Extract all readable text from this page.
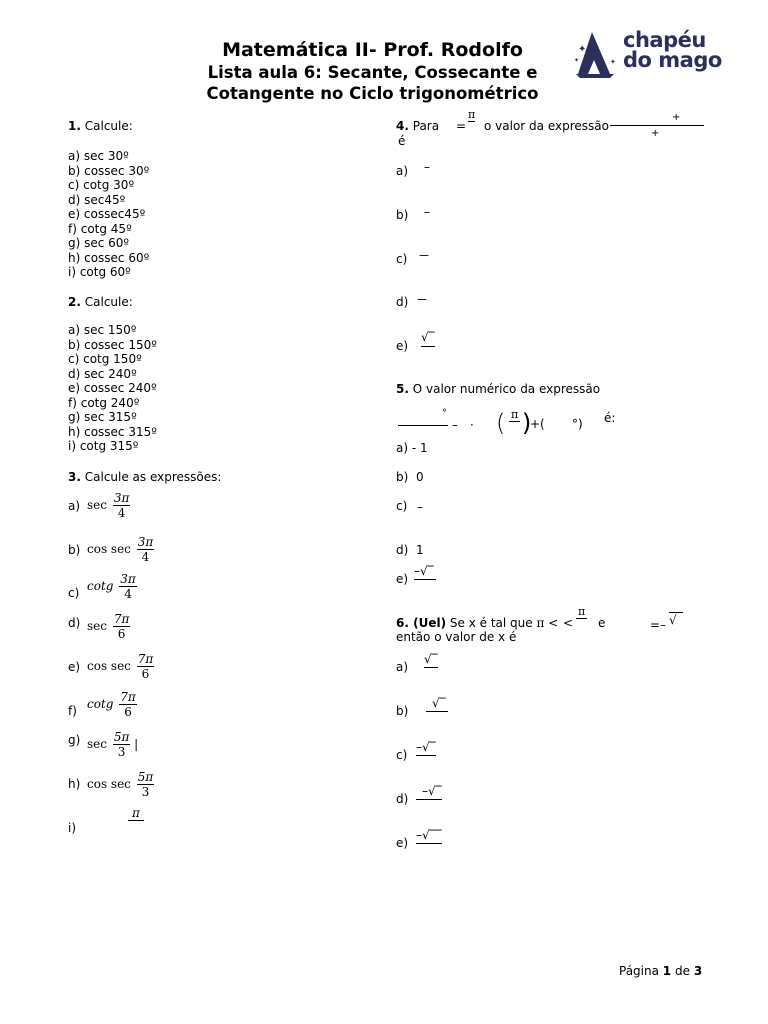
Matemática II- Prof. Rodolfo
Lista aula 6: Secante, Cossecante e
Cotangente no Ciclo trigonométrico
✦
✦	✦
chapéu
do mago
1. Calcule:
a) sec 30º
b) cossec 30º
c) cotg 30º
d) sec45º
e) cossec45º
f) cotg 45º
g) sec 60º
h) cossec 60º
i) cotg 60º
2. Calcule:
a) sec 150º
b) cossec 150º
c) cotg 150º
d) sec 240º
e) cossec 240º
f) cotg 240º
g) sec 315º
h) cossec 315º
i) cotg 315º
3. Calcule as expressões:
a) $\sec \frac{3\pi}{4}$
b) $\cos \sec \frac{3\pi}{4}$
c) cotg $\frac{3\pi}{4}$
d) $\sec \frac{7\pi}{6}$
e) $\cos \sec \frac{7\pi}{6}$
f) cotg $\frac{7\pi}{6}$
g) $\sec \frac{5\pi}{3}$ |
h) $\cos \sec \frac{5\pi}{3}$
i)
π
4. Para =
π
o valor da expressão
+
+
é
a) –
b) –
c) ––
d) ––
e)
√‾
5. O valor numérico da expressão
°
– · ( π )
+( °) é:
a) - 1
b) 0
c) –
d) 1
e)
–√‾
6. (Uel) Se x é tal que π < <
π
e	=– √
então o valor de x é
a)
√‾
b)
√‾
c)
–√‾
d)
–√‾
e)
–√‾‾
Página 1 de 3
